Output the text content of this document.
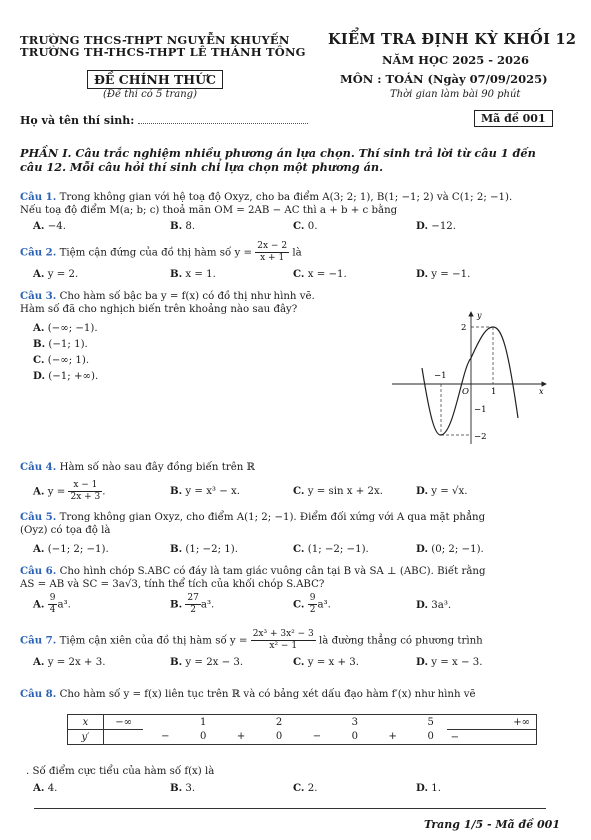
TRƯỜNG THCS-THPT NGUYỄN KHUYẾN
TRƯỜNG TH-THCS-THPT LÊ THÁNH TÔNG
ĐỀ CHÍNH THỨC
(Đề thi có 5 trang)
KIỂM TRA ĐỊNH KỲ KHỐI 12
NĂM HỌC 2025 - 2026
MÔN : TOÁN (Ngày 07/09/2025)
Thời gian làm bài 90 phút
Họ và tên thí sinh:	Mã đề 001
PHẦN I. Câu trắc nghiệm nhiều phương án lựa chọn. Thí sinh trả lời từ câu 1 đến câu 12. Mỗi câu hỏi thí sinh chỉ lựa chọn một phương án.
Câu 1. Trong không gian với hệ toạ độ Oxyz, cho ba điểm A(3; 2; 1), B(1; −1; 2) và C(1; 2; −1).
Nếu toạ độ điểm M(a; b; c) thoả mãn OM = 2AB − AC thì a + b + c bằng
A. −4.	B. 8.	C. 0.	D. −12.
Câu 2. Tiệm cận đứng của đồ thị hàm số $y = \frac{2x - 2}{x + 1}$ là
A. y = 2.	B. x = 1.	C. x = −1.	D. y = −1.
Câu 3. Cho hàm số bậc ba y = f(x) có đồ thị như hình vẽ.
Hàm số đã cho nghịch biến trên khoảng nào sau đây?
A. (−∞; −1).
B. (−1; 1).
C. (−∞; 1).
D. (−1; +∞).
y
x
O
−1
1
2
−1
−2
Câu 4. Hàm số nào sau đây đồng biến trên ℝ
A. $y = \frac{x - 1}{2x + 3}$ .	B. y = x³ − x.	C. y = sin x + 2x.	D. y = √x.
Câu 5. Trong không gian Oxyz, cho điểm A(1; 2; −1). Điểm đối xứng với A qua mặt phẳng
(Oyz) có tọa độ là
A. (−1; 2; −1).	B. (1; −2; 1).	C. (1; −2; −1).	D. (0; 2; −1).
Câu 6. Cho hình chóp S.ABC có đáy là tam giác vuông cân tại B và SA ⊥ (ABC). Biết rằng
AS = AB và SC = 3a√3, tính thể tích của khối chóp S.ABC?
A. $\frac{9}{4} a^3$.	B. $\frac{27}{2} a^3$.	C. $\frac{9}{2} a^3$.	D. 3a³.
Câu 7. Tiệm cận xiên của đồ thị hàm số $y = \frac{\text{2x³ + 3x² − 3}}{\text{x² − 1}}$ là đường thẳng có phương trình
A. y = 2x + 3.	B. y = 2x − 3.	C. y = x + 3.	D. y = x − 3.
Câu 8. Cho hàm số y = f(x) liên tục trên ℝ và có bảng xét dấu đạo hàm f′(x) như hình vẽ
x	−∞		1		2		3		5	+∞
y′		−	0	+	0	−	0	+	0	−
. Số điểm cực tiểu của hàm số f(x) là
A. 4.	B. 3.	C. 2.	D. 1.
Trang 1/5 - Mã đề 001
